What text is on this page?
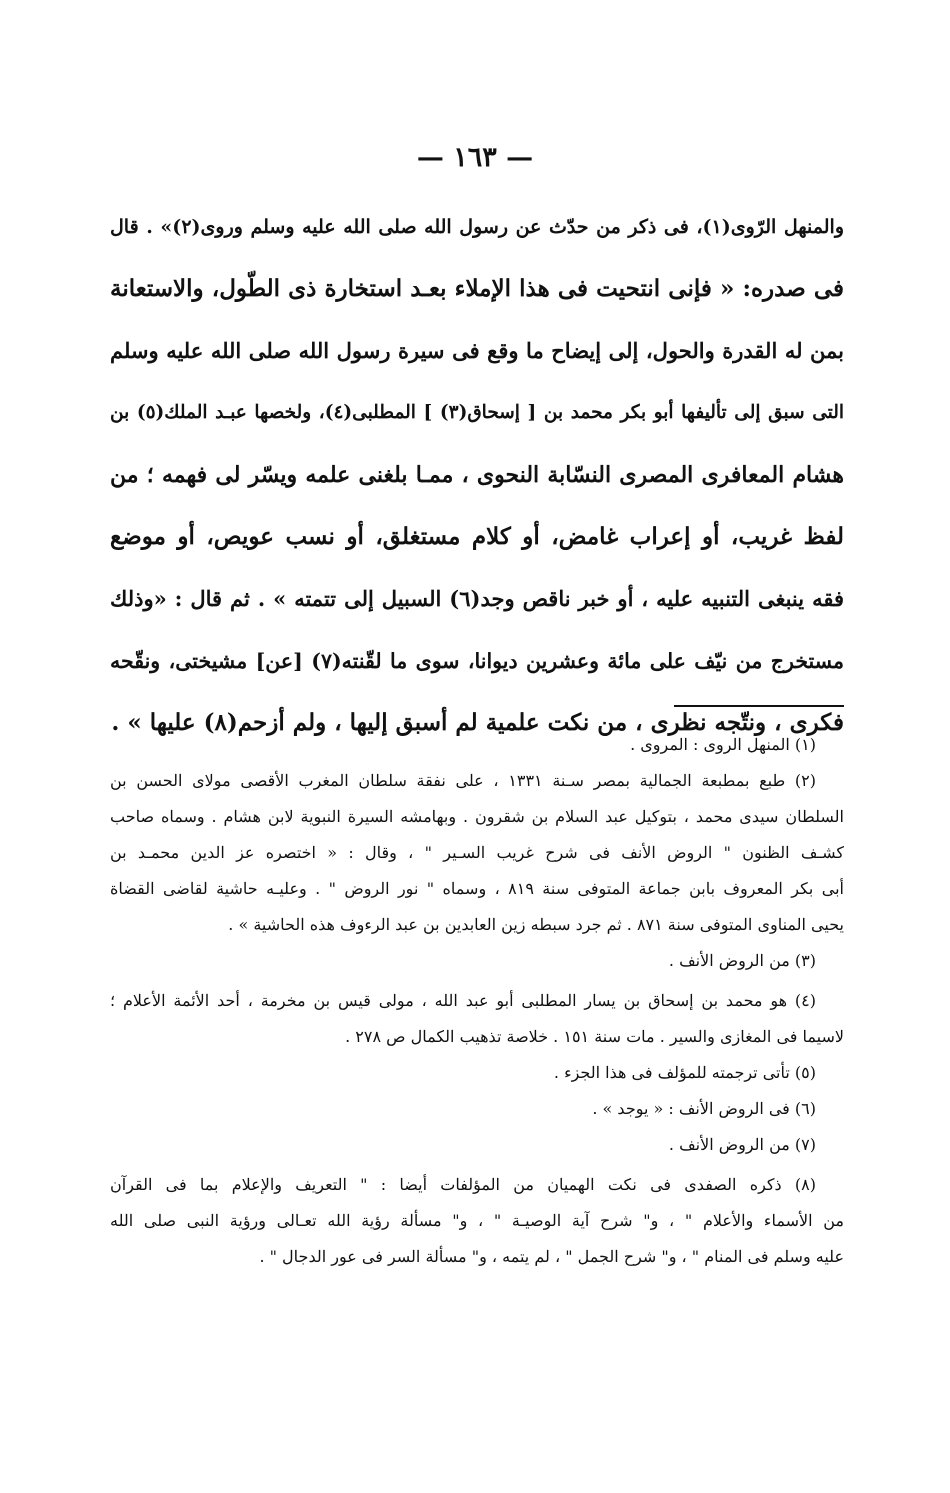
— ١٦٣ —
والمنهل الرّوى(١)، فى ذكر من حدّث عن رسول الله صلى الله عليه وسلم وروى(٢)» . قال
فى صدره: « فإنى انتحيت فى هذا الإملاء بعـد استخارة ذى الطّول، والاستعانة
بمن له القدرة والحول، إلى إيضاح ما وقع فى سيرة رسول الله صلى الله عليه وسلم
التى سبق إلى تأليفها أبو بكر محمد بن [ إسحاق(٣) ] المطلبى(٤)، ولخصها عبـد الملك(٥) بن
هشام المعافرى المصرى النسّابة النحوى ، ممـا بلغنى علمه ويسّر لى فهمه ؛ من
لفظ غريب، أو إعراب غامض، أو كلام مستغلق، أو نسب عويص، أو موضع
فقه ينبغى التنبيه عليه ، أو خبر ناقص وجد(٦) السبيل إلى تتمته » . ثم قال : «وذلك
مستخرج من نيّف على مائة وعشرين ديوانا، سوى ما لقّنته(٧) [عن] مشيختى، ونقّحه
فكرى ، ونتّجه نظرى ، من نكت علمية لم أسبق إليها ، ولم أزحم(٨) عليها » .
(١) المنهل الروى : المروى .
(٢) طبع بمطبعة الجمالية بمصر سـنة ١٣٣١ ، على نفقة سلطان المغرب الأقصى مولاى الحسن بن
السلطان سيدى محمد ، بتوكيل عبد السلام بن شقرون . وبهامشه السيرة النبوية لابن هشام . وسماه صاحب
كشـف الظنون " الروض الأنف فى شرح غريب السـير " ، وقال : « اختصره عز الدين محمـد بن
أبى بكر المعروف بابن جماعة المتوفى سنة ٨١٩ ، وسماه " نور الروض " . وعليـه حاشية لقاضى القضاة
يحيى المناوى المتوفى سنة ٨٧١ . ثم جرد سبطه زين العابدين بن عبد الرءوف هذه الحاشية » .
(٣) من الروض الأنف .
(٤) هو محمد بن إسحاق بن يسار المطلبى أبو عبد الله ، مولى قيس بن مخرمة ، أحد الأئمة الأعلام ؛
لاسيما فى المغازى والسير . مات سنة ١٥١ . خلاصة تذهيب الكمال ص ٢٧٨ .
(٥) تأتى ترجمته للمؤلف فى هذا الجزء .
(٦) فى الروض الأنف : « يوجد » .
(٧) من الروض الأنف .
(٨) ذكره الصفدى فى نكت الهميان من المؤلفات أيضا : " التعريف والإعلام بما فى القرآن
من الأسماء والأعلام " ، و" شرح آية الوصيـة " ، و" مسألة رؤية الله تعـالى ورؤية النبى صلى الله
عليه وسلم فى المنام " ، و" شرح الجمل " ، لم يتمه ، و" مسألة السر فى عور الدجال " .
